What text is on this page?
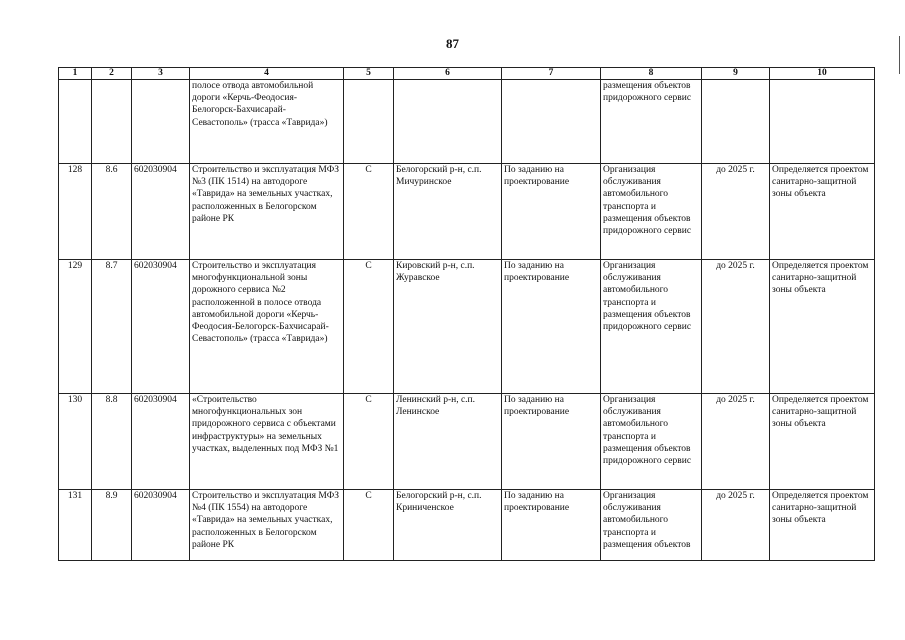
87
1	2	3	4	5	6	7	8	9	10
			полосе отвода автомобильной дороги «Керчь-Феодосия-Белогорск-Бахчисарай-Севастополь» (трасса «Таврида»)				размещения объектов придорожного сервис		
128	8.6	602030904	Строительство и эксплуатация МФЗ №3 (ПК 1514) на автодороге «Таврида» на земельных участках, расположенных в Белогорском районе РК	С	Белогорский р-н, с.п. Мичуринское	По заданию на проектирование	Организация обслуживания автомобильного транспорта и размещения объектов придорожного сервис	до 2025 г.	Определяется проектом санитарно-защитной зоны объекта
129	8.7	602030904	Строительство и эксплуатация многофункциональной зоны дорожного сервиса №2 расположенной в полосе отвода автомобильной дороги «Керчь-Феодосия-Белогорск-Бахчисарай-Севастополь» (трасса «Таврида»)	С	Кировский р-н, с.п. Журавское	По заданию на проектирование	Организация обслуживания автомобильного транспорта и размещения объектов придорожного сервис	до 2025 г.	Определяется проектом санитарно-защитной зоны объекта
130	8.8	602030904	«Строительство многофункциональных зон придорожного сервиса с объектами инфраструктуры» на земельных участках, выделенных под МФЗ №1	С	Ленинский р-н, с.п. Ленинское	По заданию на проектирование	Организация обслуживания автомобильного транспорта и размещения объектов придорожного сервис	до 2025 г.	Определяется проектом санитарно-защитной зоны объекта
131	8.9	602030904	Строительство и эксплуатация МФЗ №4 (ПК 1554) на автодороге «Таврида» на земельных участках, расположенных в Белогорском районе РК	С	Белогорский р-н, с.п. Криниченское	По заданию на проектирование	Организация обслуживания автомобильного транспорта и размещения объектов	до 2025 г.	Определяется проектом санитарно-защитной зоны объекта
